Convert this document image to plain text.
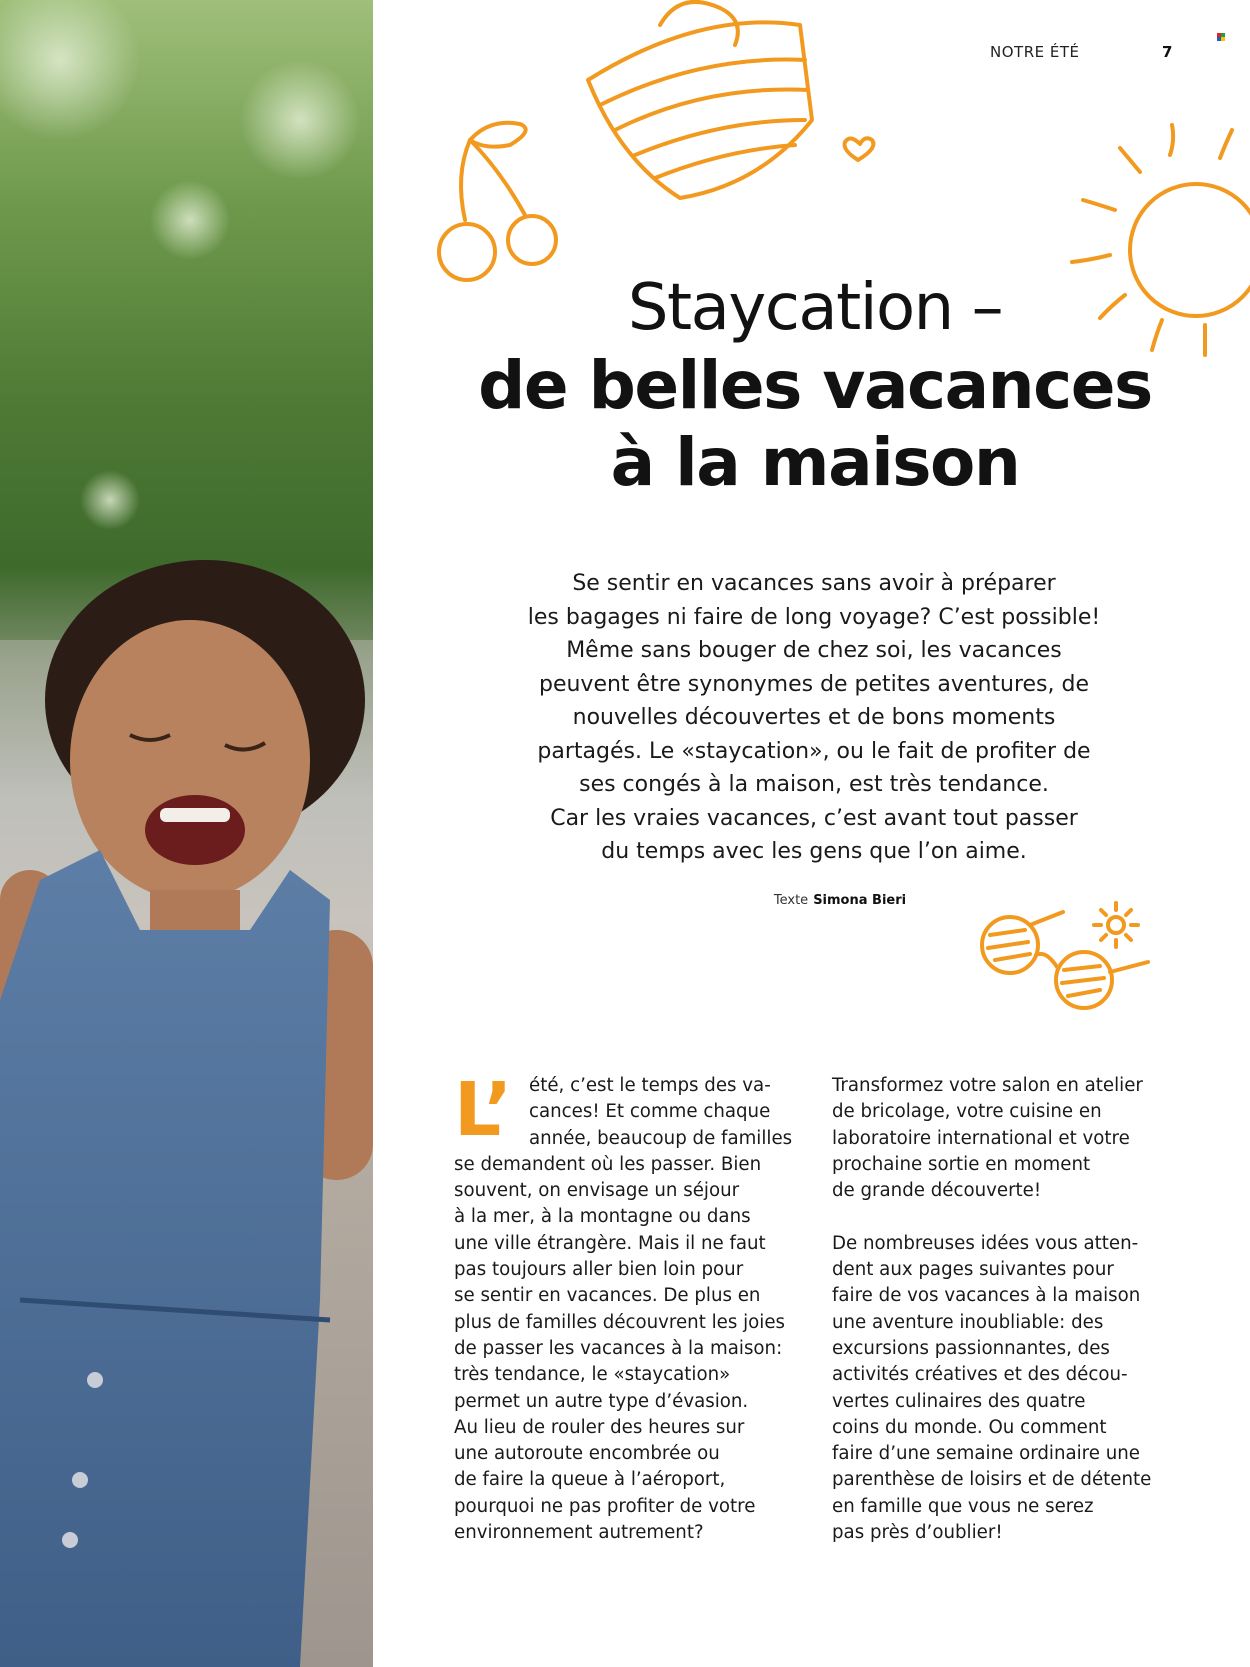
NOTRE ÉTÉ	7
Staycation –
de belles vacances
à la maison
Se sentir en vacances sans avoir à préparer
les bagages ni faire de long voyage? C’est possible!
Même sans bouger de chez soi, les vacances
peuvent être synonymes de petites aventures, de
nouvelles découvertes et de bons moments
partagés. Le «staycation», ou le fait de profiter de
ses congés à la maison, est très tendance.
Car les vraies vacances, c’est avant tout passer
du temps avec les gens que l’on aime.
Texte Simona Bieri
L’ été, c’est le temps des va-
cances! Et comme chaque
année, beaucoup de familles
se demandent où les passer. Bien
souvent, on envisage un séjour
à la mer, à la montagne ou dans
une ville étrangère. Mais il ne faut
pas toujours aller bien loin pour
se sentir en vacances. De plus en
plus de familles découvrent les joies
de passer les vacances à la maison:
très tendance, le «staycation»
permet un autre type d’évasion.
Au lieu de rouler des heures sur
une autoroute encombrée ou
de faire la queue à l’aéroport,
pourquoi ne pas profiter de votre
environnement autrement?
Transformez votre salon en atelier
de bricolage, votre cuisine en
laboratoire international et votre
prochaine sortie en moment
de grande découverte!
De nombreuses idées vous atten-
dent aux pages suivantes pour
faire de vos vacances à la maison
une aventure inoubliable: des
excursions passionnantes, des
activités créatives et des décou-
vertes culinaires des quatre
coins du monde. Ou comment
faire d’une semaine ordinaire une
parenthèse de loisirs et de détente
en famille que vous ne serez
pas près d’oublier!
